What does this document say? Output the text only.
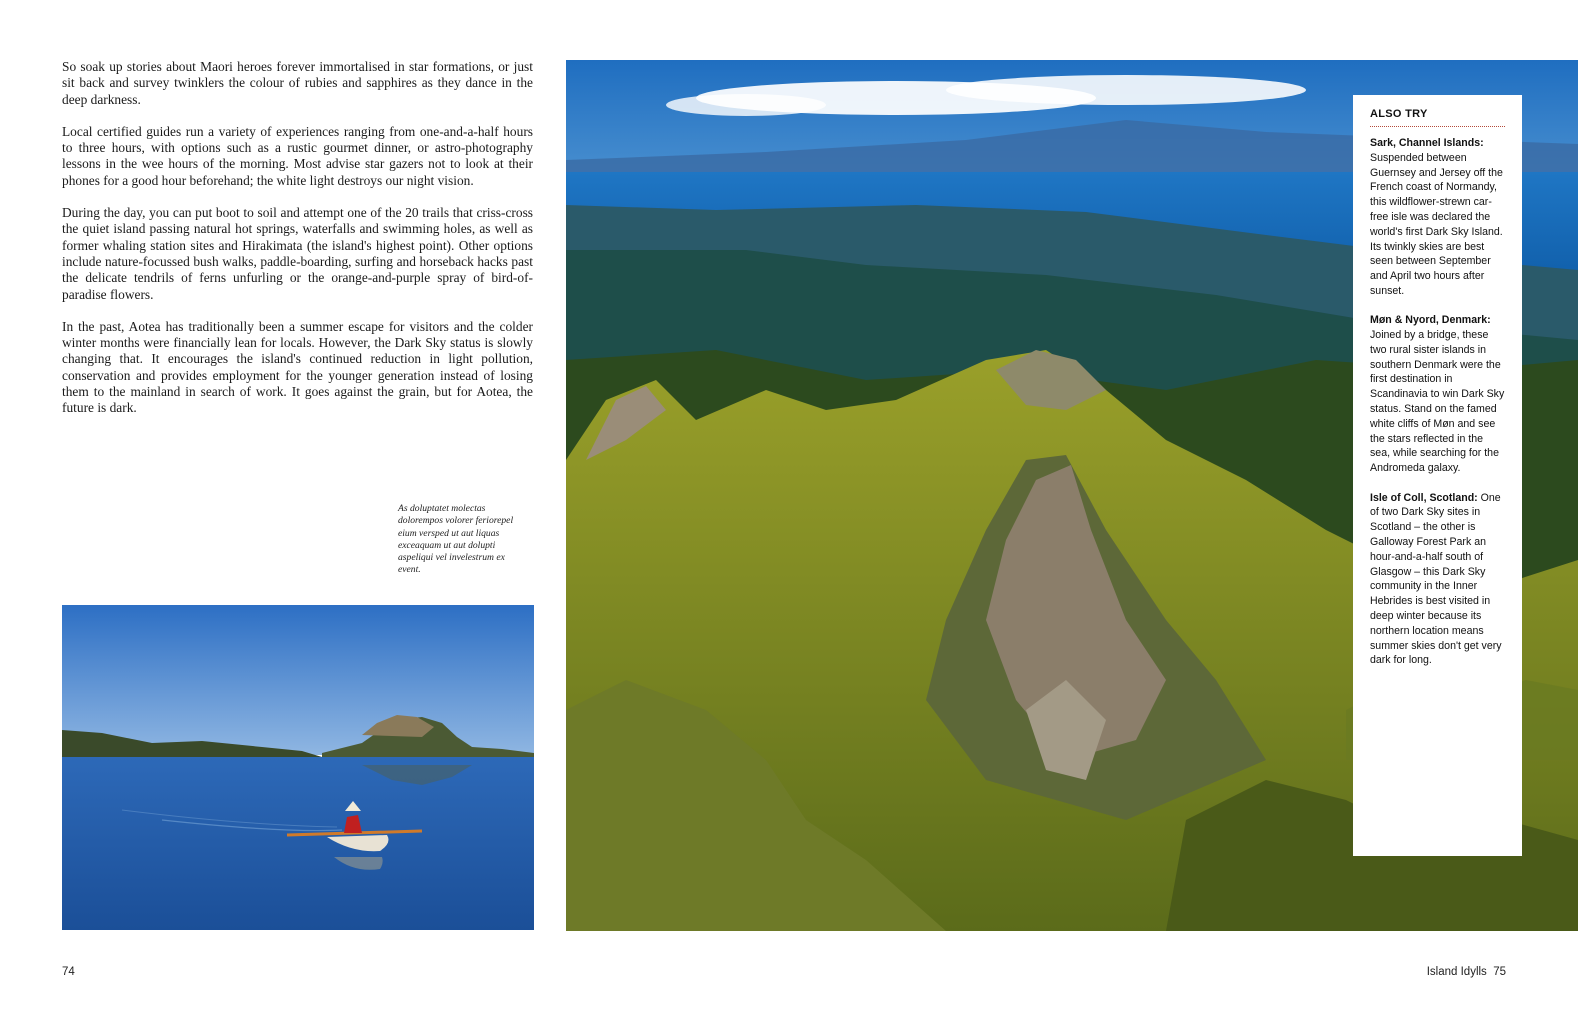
So soak up stories about Maori heroes forever immortalised in star formations, or just sit back and survey twinklers the colour of rubies and sapphires as they dance in the deep darkness.

Local certified guides run a variety of experiences ranging from one-and-a-half hours to three hours, with options such as a rustic gourmet dinner, or astro-photography lessons in the wee hours of the morning. Most advise star gazers not to look at their phones for a good hour beforehand; the white light destroys our night vision.

During the day, you can put boot to soil and attempt one of the 20 trails that criss-cross the quiet island passing natural hot springs, waterfalls and swimming holes, as well as former whaling station sites and Hirakimata (the island's highest point). Other options include nature-focussed bush walks, paddle-boarding, surfing and horseback hacks past the delicate tendrils of ferns unfurling or the orange-and-purple spray of bird-of-paradise flowers.

In the past, Aotea has traditionally been a summer escape for visitors and the colder winter months were financially lean for locals. However, the Dark Sky status is slowly changing that. It encourages the island's continued reduction in light pollution, conservation and provides employment for the younger generation instead of losing them to the mainland in search of work. It goes against the grain, but for Aotea, the future is dark.

As doluptatet molectas dolorempos volorer feriorepel eium versped ut aut liquas exceaquam ut aut dolupti aspeliqui vel invelestrum ex event.
ALSO TRY
Sark, Channel Islands: Suspended between Guernsey and Jersey off the French coast of Normandy, this wildflower-strewn car-free isle was declared the world's first Dark Sky Island. Its twinkly skies are best seen between September and April two hours after sunset.
Møn & Nyord, Denmark: Joined by a bridge, these two rural sister islands in southern Denmark were the first destination in Scandinavia to win Dark Sky status. Stand on the famed white cliffs of Møn and see the stars reflected in the sea, while searching for the Andromeda galaxy.
Isle of Coll, Scotland: One of two Dark Sky sites in Scotland – the other is Galloway Forest Park an hour-and-a-half south of Glasgow – this Dark Sky community in the Inner Hebrides is best visited in deep winter because its northern location means summer skies don't get very dark for long.
74	Island Idylls 75
